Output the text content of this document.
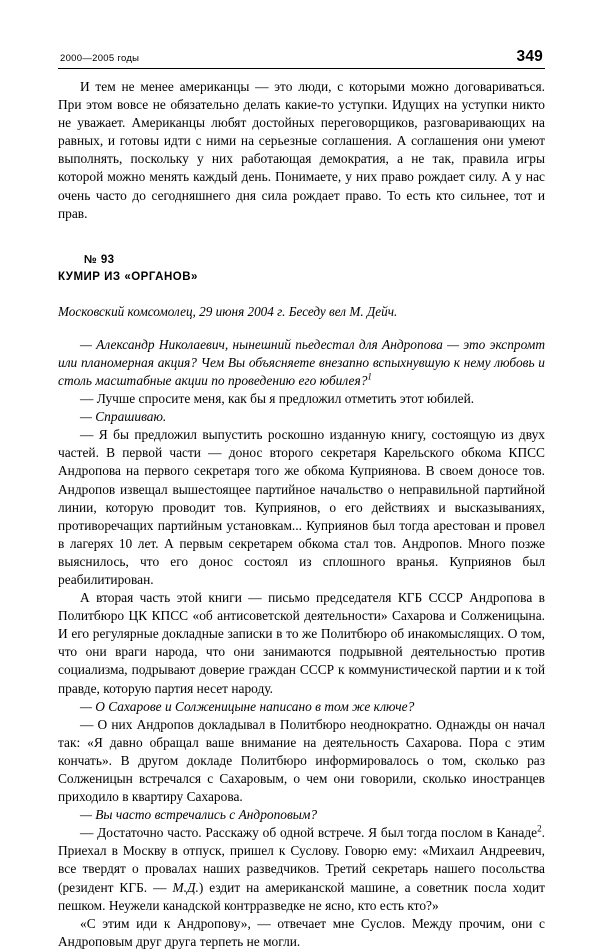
2000—2005 годы	349

И тем не менее американцы — это люди, с которыми можно договариваться. При этом вовсе не обязательно делать какие-то уступки. Идущих на уступки никто не уважает. Американцы любят достойных переговорщиков, разговаривающих на равных, и готовы идти с ними на серьезные соглашения. А соглашения они умеют выполнять, поскольку у них работающая демократия, а не так, правила игры которой можно менять каждый день. Понимаете, у них право рождает силу. А у нас очень часто до сегодняшнего дня сила рождает право. То есть кто сильнее, тот и прав.

№ 93
КУМИР ИЗ «ОРГАНОВ»
Московский комсомолец, 29 июня 2004 г. Беседу вел М. Дейч.

— Александр Николаевич, нынешний пьедестал для Андропова — это экспромт или планомерная акция? Чем Вы объясняете внезапно вспыхнувшую к нему любовь и столь масштабные акции по проведению его юбилея?$^1$

— Лучше спросите меня, как бы я предложил отметить этот юбилей.

— Спрашиваю.

— Я бы предложил выпустить роскошно изданную книгу, состоящую из двух частей. В первой части — донос второго секретаря Карельского обкома КПСС Андропова на первого секретаря того же обкома Куприянова. В своем доносе тов. Андропов извещал вышестоящее партийное начальство о неправильной партийной линии, которую проводит тов. Куприянов, о его действиях и высказываниях, противоречащих партийным установкам... Куприянов был тогда арестован и провел в лагерях 10 лет. А первым секретарем обкома стал тов. Андропов. Много позже выяснилось, что его донос состоял из сплошного вранья. Куприянов был реабилитирован.

А вторая часть этой книги — письмо председателя КГБ СССР Андропова в Политбюро ЦК КПСС «об антисоветской деятельности» Сахарова и Солженицына. И его регулярные докладные записки в то же Политбюро об инакомыслящих. О том, что они враги народа, что они занимаются подрывной деятельностью против социализма, подрывают доверие граждан СССР к коммунистической партии и к той правде, которую партия несет народу.

— О Сахарове и Солженицыне написано в том же ключе?

— О них Андропов докладывал в Политбюро неоднократно. Однажды он начал так: «Я давно обращал ваше внимание на деятельность Сахарова. Пора с этим кончать». В другом докладе Политбюро информировалось о том, сколько раз Солженицын встречался с Сахаровым, о чем они говорили, сколько иностранцев приходило в квартиру Сахарова.

— Вы часто встречались с Андроповым?

— Достаточно часто. Расскажу об одной встрече. Я был тогда послом в Канаде$^2$. Приехал в Москву в отпуск, пришел к Суслову. Говорю ему: «Михаил Андреевич, все твердят о провалах наших разведчиков. Третий секретарь нашего посольства (резидент КГБ. — М.Д.) ездит на американской машине, а советник посла ходит пешком. Неужели канадской контрразведке не ясно, кто есть кто?»

«С этим иди к Андропову», — отвечает мне Суслов. Между прочим, они с Андроповым друг друга терпеть не могли.
